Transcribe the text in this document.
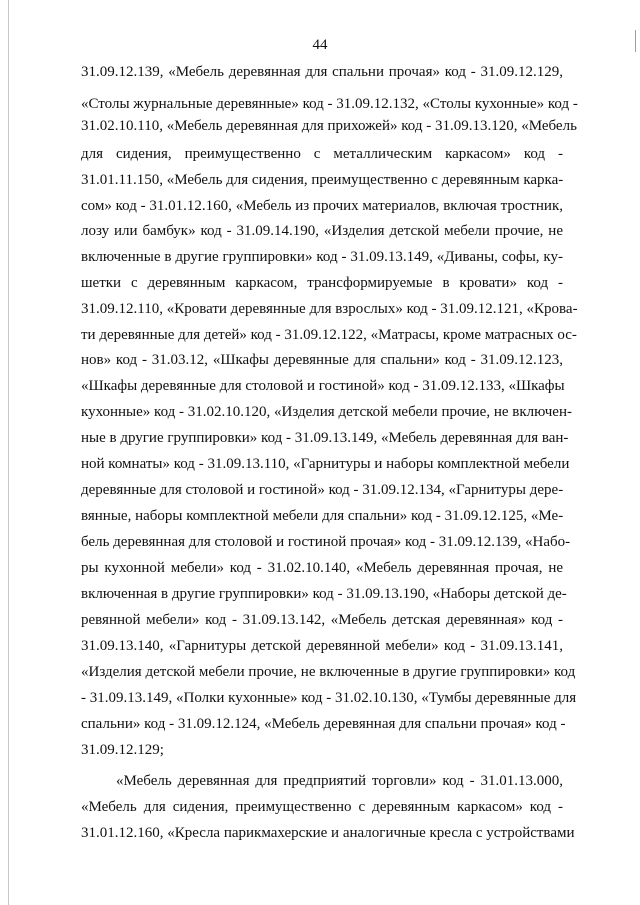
44
31.09.12.139, «Мебель деревянная для спальни прочая» код - 31.09.12.129,
«Столы журнальные деревянные» код - 31.09.12.132, «Столы кухонные» код -
31.02.10.110, «Мебель деревянная для прихожей» код - 31.09.13.120, «Мебель
для сидения, преимущественно с металлическим каркасом» код -
31.01.11.150, «Мебель для сидения, преимущественно с деревянным карка-
сом» код - 31.01.12.160, «Мебель из прочих материалов, включая тростник,
лозу или бамбук» код - 31.09.14.190, «Изделия детской мебели прочие, не
включенные в другие группировки» код - 31.09.13.149, «Диваны, софы, ку-
шетки с деревянным каркасом, трансформируемые в кровати» код -
31.09.12.110, «Кровати деревянные для взрослых» код - 31.09.12.121, «Крова-
ти деревянные для детей» код - 31.09.12.122, «Матрасы, кроме матрасных ос-
нов» код - 31.03.12, «Шкафы деревянные для спальни» код - 31.09.12.123,
«Шкафы деревянные для столовой и гостиной» код - 31.09.12.133, «Шкафы
кухонные» код - 31.02.10.120, «Изделия детской мебели прочие, не включен-
ные в другие группировки» код - 31.09.13.149, «Мебель деревянная для ван-
ной комнаты» код - 31.09.13.110, «Гарнитуры и наборы комплектной мебели
деревянные для столовой и гостиной» код - 31.09.12.134, «Гарнитуры дере-
вянные, наборы комплектной мебели для спальни» код - 31.09.12.125, «Ме-
бель деревянная для столовой и гостиной прочая» код - 31.09.12.139, «Набо-
ры кухонной мебели» код - 31.02.10.140, «Мебель деревянная прочая, не
включенная в другие группировки» код - 31.09.13.190, «Наборы детской де-
ревянной мебели» код - 31.09.13.142, «Мебель детская деревянная» код -
31.09.13.140, «Гарнитуры детской деревянной мебели» код - 31.09.13.141,
«Изделия детской мебели прочие, не включенные в другие группировки» код
- 31.09.13.149, «Полки кухонные» код - 31.02.10.130, «Тумбы деревянные для
спальни» код - 31.09.12.124, «Мебель деревянная для спальни прочая» код -
31.09.12.129;
«Мебель деревянная для предприятий торговли» код - 31.01.13.000,
«Мебель для сидения, преимущественно с деревянным каркасом» код -
31.01.12.160, «Кресла парикмахерские и аналогичные кресла с устройствами
